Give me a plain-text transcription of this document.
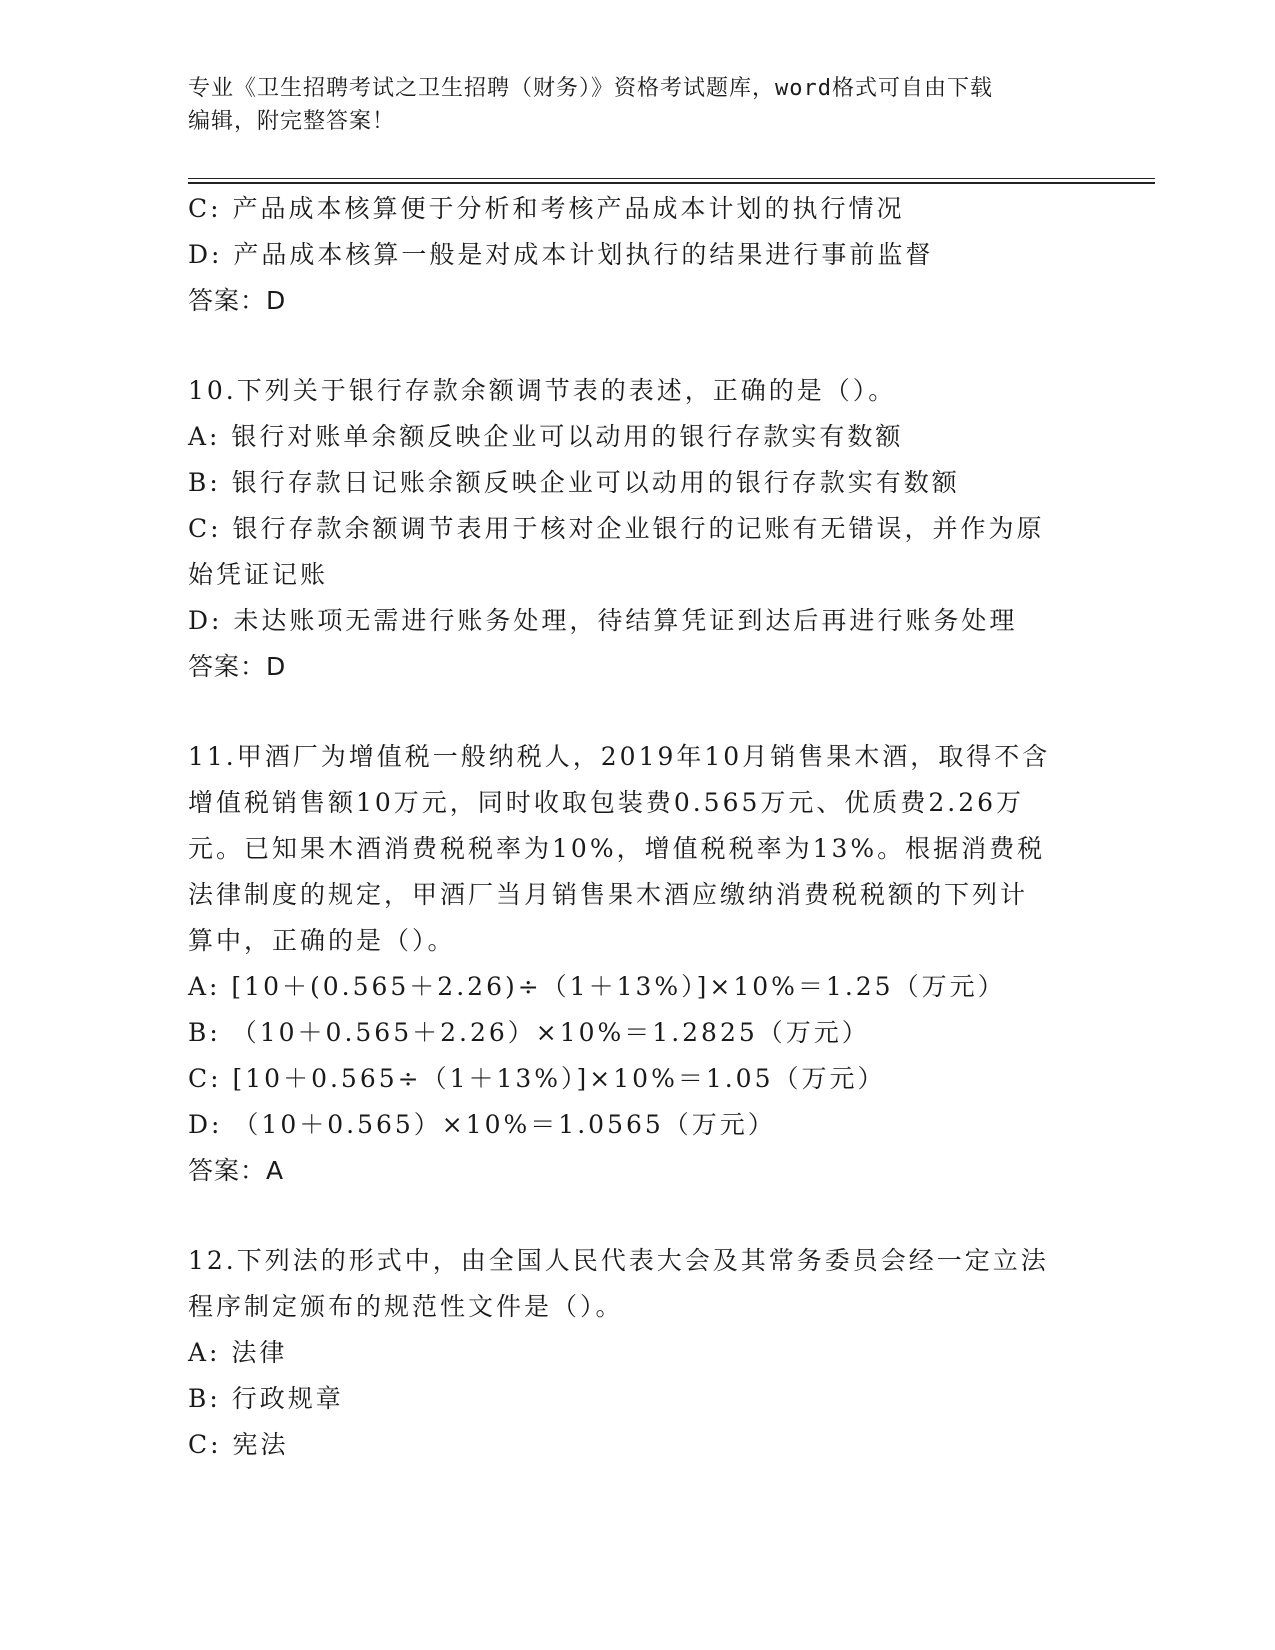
专业《卫生招聘考试之卫生招聘（财务）》资格考试题库，word格式可自由下载
编辑，附完整答案！
C: 产品成本核算便于分析和考核产品成本计划的执行情况
D: 产品成本核算一般是对成本计划执行的结果进行事前监督
答案：D
10.下列关于银行存款余额调节表的表述，正确的是（）。
A: 银行对账单余额反映企业可以动用的银行存款实有数额
B: 银行存款日记账余额反映企业可以动用的银行存款实有数额
C: 银行存款余额调节表用于核对企业银行的记账有无错误，并作为原
始凭证记账
D: 未达账项无需进行账务处理，待结算凭证到达后再进行账务处理
答案：D
11.甲酒厂为增值税一般纳税人，2019年10月销售果木酒，取得不含
增值税销售额10万元，同时收取包装费0.565万元、优质费2.26万
元。已知果木酒消费税税率为10%，增值税税率为13%。根据消费税
法律制度的规定，甲酒厂当月销售果木酒应缴纳消费税税额的下列计
算中，正确的是（）。
A: [10＋(0.565＋2.26)÷（1＋13%）]×10%＝1.25（万元）
B: （10＋0.565＋2.26）×10%＝1.2825（万元）
C: [10＋0.565÷（1＋13%）]×10%＝1.05（万元）
D: （10＋0.565）×10%＝1.0565（万元）
答案：A
12.下列法的形式中，由全国人民代表大会及其常务委员会经一定立法
程序制定颁布的规范性文件是（）。
A: 法律
B: 行政规章
C: 宪法
